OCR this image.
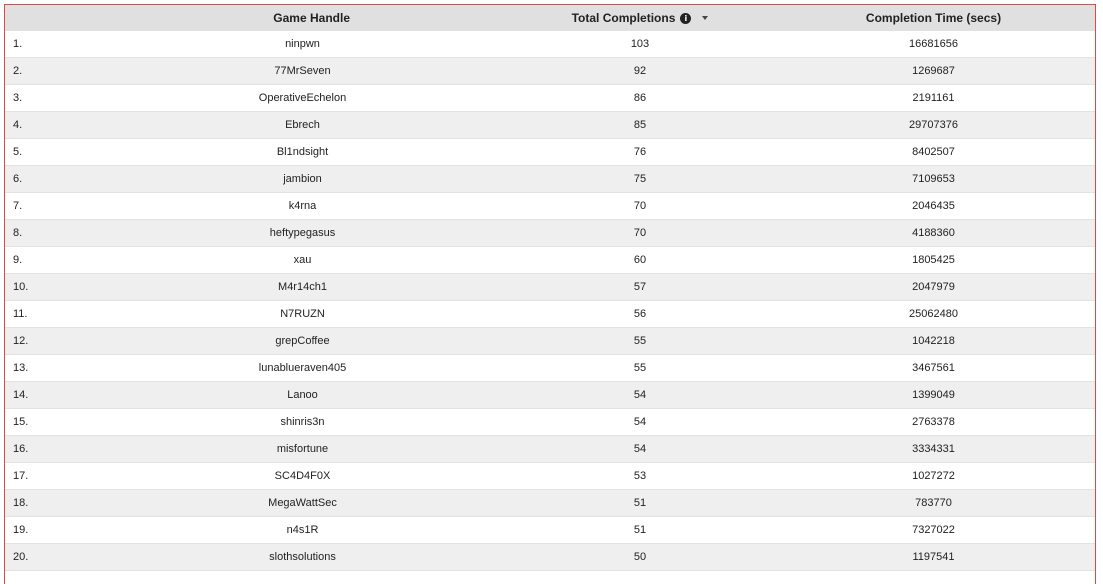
	Game Handle	Total Completions i	Completion Time (secs)
1.	ninpwn	103	16681656
2.	77MrSeven	92	1269687
3.	OperativeEchelon	86	2191161
4.	Ebrech	85	29707376
5.	Bl1ndsight	76	8402507
6.	jambion	75	7109653
7.	k4rna	70	2046435
8.	heftypegasus	70	4188360
9.	xau	60	1805425
10.	M4r14ch1	57	2047979
11.	N7RUZN	56	25062480
12.	grepCoffee	55	1042218
13.	lunablueraven405	55	3467561
14.	Lanoo	54	1399049
15.	shinris3n	54	2763378
16.	misfortune	54	3334331
17.	SC4D4F0X	53	1027272
18.	MegaWattSec	51	783770
19.	n4s1R	51	7327022
20.	slothsolutions	50	1197541
